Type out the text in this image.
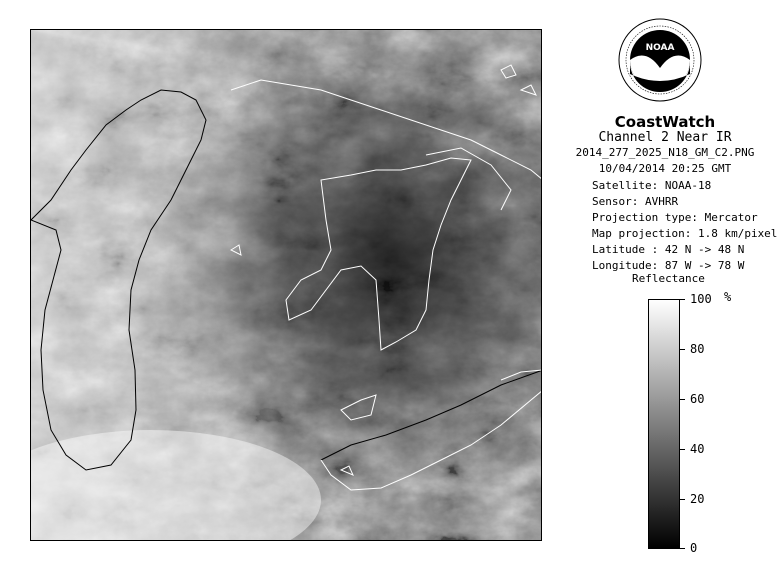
NOAA
CoastWatch
Channel 2 Near IR
2014_277_2025_N18_GM_C2.PNG
10/04/2014 20:25 GMT
Satellite: NOAA-18
Sensor: AVHRR
Projection type: Mercator
Map projection: 1.8 km/pixel
Latitude : 42 N -> 48 N
Longitude: 87 W -> 78 W
Reflectance
%
100
80
60
40
20
0
